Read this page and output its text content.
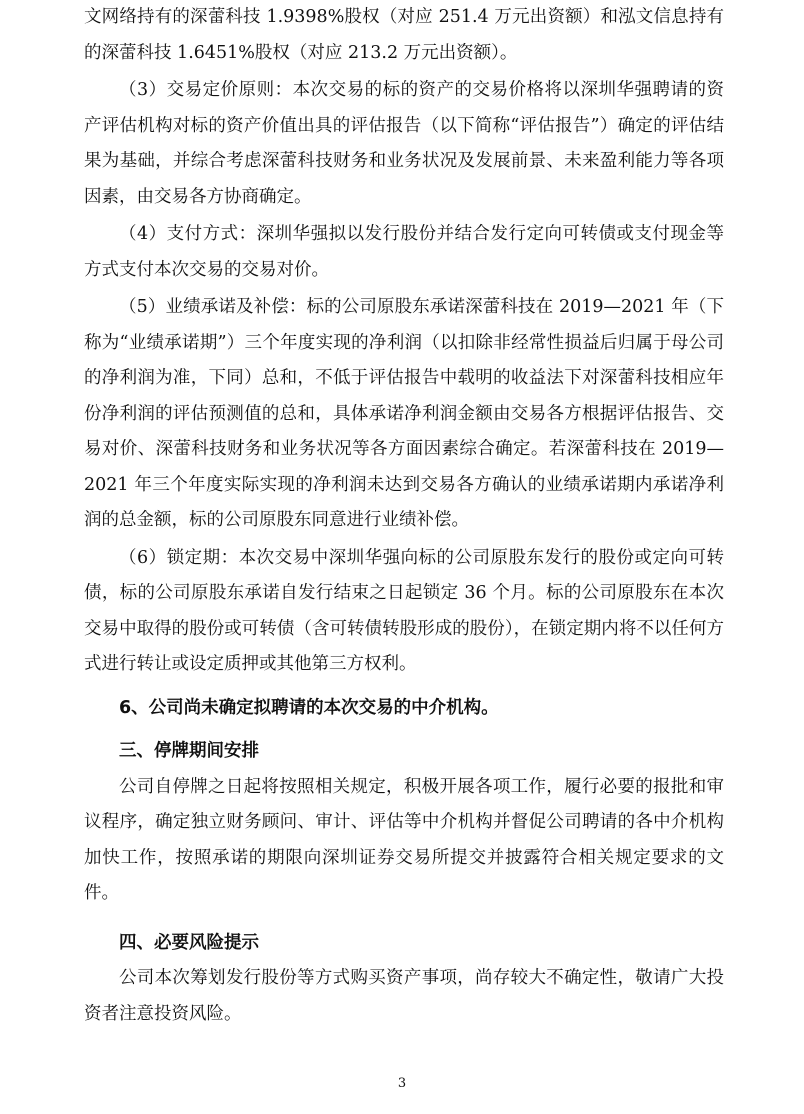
文网络持有的深蕾科技 1.9398%股权（对应 251.4 万元出资额）和泓文信息持有的深蕾科技 1.6451%股权（对应 213.2 万元出资额）。

（3）交易定价原则：本次交易的标的资产的交易价格将以深圳华强聘请的资产评估机构对标的资产价值出具的评估报告（以下简称“评估报告”）确定的评估结果为基础，并综合考虑深蕾科技财务和业务状况及发展前景、未来盈利能力等各项因素，由交易各方协商确定。

（4）支付方式：深圳华强拟以发行股份并结合发行定向可转债或支付现金等方式支付本次交易的交易对价。

（5）业绩承诺及补偿：标的公司原股东承诺深蕾科技在 2019—2021 年（下称为“业绩承诺期”）三个年度实现的净利润（以扣除非经常性损益后归属于母公司的净利润为准，下同）总和，不低于评估报告中载明的收益法下对深蕾科技相应年份净利润的评估预测值的总和，具体承诺净利润金额由交易各方根据评估报告、交易对价、深蕾科技财务和业务状况等各方面因素综合确定。若深蕾科技在 2019—2021 年三个年度实际实现的净利润未达到交易各方确认的业绩承诺期内承诺净利润的总金额，标的公司原股东同意进行业绩补偿。

（6）锁定期：本次交易中深圳华强向标的公司原股东发行的股份或定向可转债，标的公司原股东承诺自发行结束之日起锁定 36 个月。标的公司原股东在本次交易中取得的股份或可转债（含可转债转股形成的股份），在锁定期内将不以任何方式进行转让或设定质押或其他第三方权利。

6、公司尚未确定拟聘请的本次交易的中介机构。

三、停牌期间安排

公司自停牌之日起将按照相关规定，积极开展各项工作，履行必要的报批和审议程序，确定独立财务顾问、审计、评估等中介机构并督促公司聘请的各中介机构加快工作，按照承诺的期限向深圳证券交易所提交并披露符合相关规定要求的文件。

四、必要风险提示

公司本次筹划发行股份等方式购买资产事项，尚存较大不确定性，敬请广大投资者注意投资风险。

3
